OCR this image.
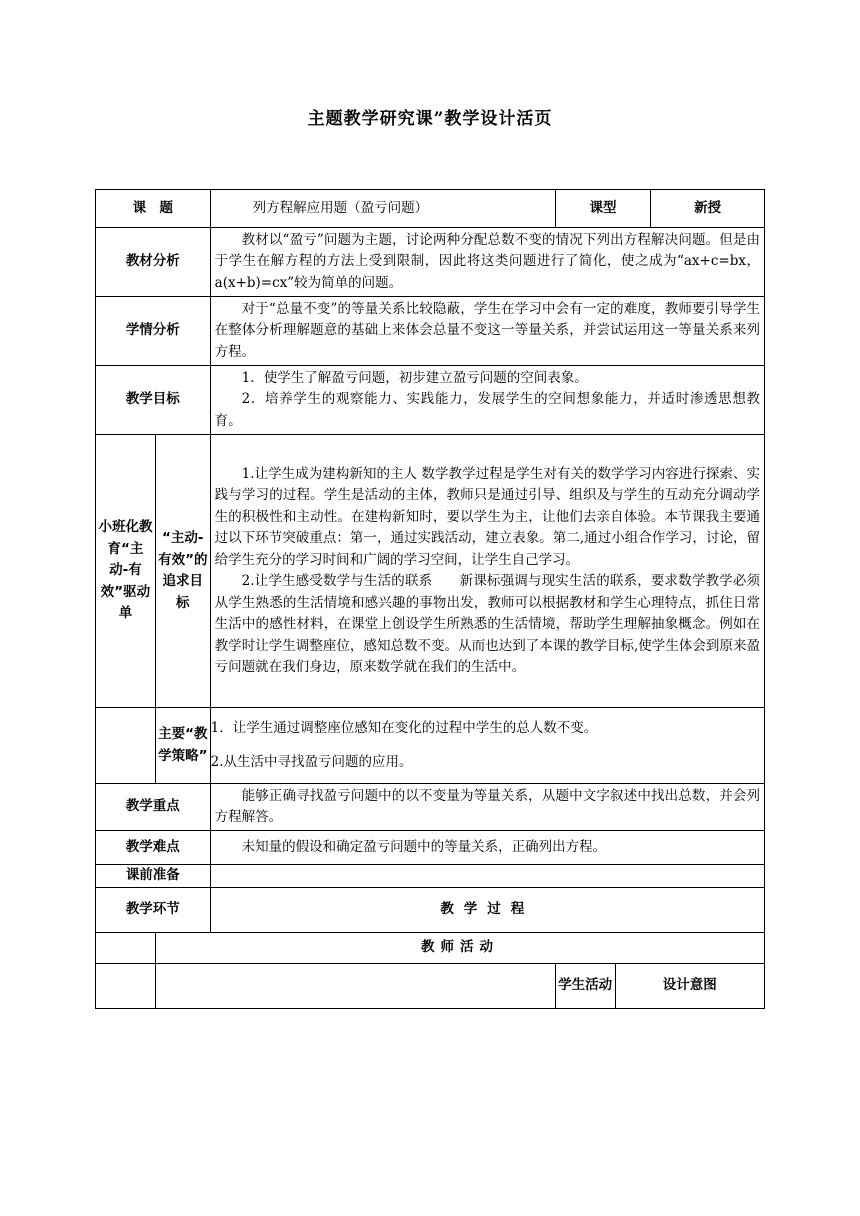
主题教学研究课”教学设计活页
课　题		列方程解应用题（盈亏问题）	课型		新授
教材分析		教材以“盈亏”问题为主题，讨论两种分配总数不变的情况下列出方程解决问题。但是由于学生在解方程的方法上受到限制，因此将这类问题进行了简化，使之成为“ax+c=bx，a(x+b)=cx”较为简单的问题。			
学情分析		对于“总量不变”的等量关系比较隐蔽，学生在学习中会有一定的难度，教师要引导学生在整体分析理解题意的基础上来体会总量不变这一等量关系，并尝试运用这一等量关系来列方程。			
教学目标		1．使学生了解盈亏问题，初步建立盈亏问题的空间表象。

2．培养学生的观察能力、实践能力，发展学生的空间想象能力，并适时渗透思想教育。			

小班化教育“主动-有效”驱动单	“主动-有效”的追求目标	1.让学生成为建构新知的主人 数学教学过程是学生对有关的数学学习内容进行探索、实践与学习的过程。学生是活动的主体，教师只是通过引导、组织及与学生的互动充分调动学生的积极性和主动性。在建构新知时，要以学生为主，让他们去亲自体验。本节课我主要通过以下环节突破重点：第一，通过实践活动，建立表象。第二,通过小组合作学习，讨论，留给学生充分的学习时间和广阔的学习空间，让学生自己学习。

2.让学生感受数学与生活的联系　　新课标强调与现实生活的联系，要求数学教学必须从学生熟悉的生活情境和感兴趣的事物出发，教师可以根据教材和学生心理特点，抓住日常生活中的感性材料，在课堂上创设学生所熟悉的生活情境，帮助学生理解抽象概念。例如在教学时让学生调整座位，感知总数不变。从而也达到了本课的教学目标,使学生体会到原来盈亏问题就在我们身边，原来数学就在我们的生活中。			

	主要“教学策略”	1．让学生通过调整座位感知在变化的过程中学生的总人数不变。

2.从生活中寻找盈亏问题的应用。			

教学重点		能够正确寻找盈亏问题中的以不变量为等量关系，从题中文字叙述中找出总数，并会列方程解答。			
教学难点		未知量的假设和确定盈亏问题中的等量关系，正确列出方程。			
课前准备					
教学环节		教学过程			
	教师活动				
			学生活动	设计意图	
